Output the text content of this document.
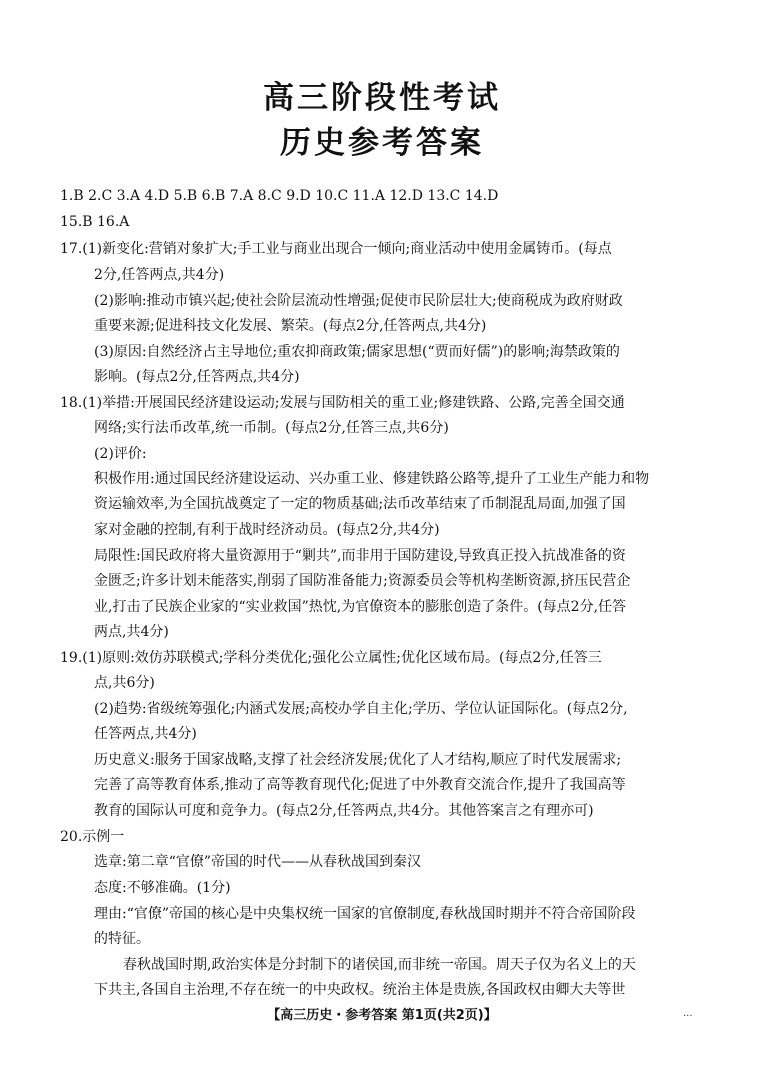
高三阶段性考试
历史参考答案
1.B 2.C 3.A 4.D 5.B 6.B 7.A 8.C 9.D 10.C 11.A 12.D 13.C 14.D
15.B 16.A
17.(1)新变化:营销对象扩大;手工业与商业出现合一倾向;商业活动中使用金属铸币。(每点
2分,任答两点,共4分)
(2)影响:推动市镇兴起;使社会阶层流动性增强;促使市民阶层壮大;使商税成为政府财政
重要来源;促进科技文化发展、繁荣。(每点2分,任答两点,共4分)
(3)原因:自然经济占主导地位;重农抑商政策;儒家思想(“贾而好儒”)的影响;海禁政策的
影响。(每点2分,任答两点,共4分)
18.(1)举措:开展国民经济建设运动;发展与国防相关的重工业;修建铁路、公路,完善全国交通
网络;实行法币改革,统一币制。(每点2分,任答三点,共6分)
(2)评价:
积极作用:通过国民经济建设运动、兴办重工业、修建铁路公路等,提升了工业生产能力和物
资运输效率,为全国抗战奠定了一定的物质基础;法币改革结束了币制混乱局面,加强了国
家对金融的控制,有利于战时经济动员。(每点2分,共4分)
局限性:国民政府将大量资源用于“剿共”,而非用于国防建设,导致真正投入抗战准备的资
金匮乏;许多计划未能落实,削弱了国防准备能力;资源委员会等机构垄断资源,挤压民营企
业,打击了民族企业家的“实业救国”热忱,为官僚资本的膨胀创造了条件。(每点2分,任答
两点,共4分)
19.(1)原则:效仿苏联模式;学科分类优化;强化公立属性;优化区域布局。(每点2分,任答三
点,共6分)
(2)趋势:省级统筹强化;内涵式发展;高校办学自主化;学历、学位认证国际化。(每点2分,
任答两点,共4分)
历史意义:服务于国家战略,支撑了社会经济发展;优化了人才结构,顺应了时代发展需求;
完善了高等教育体系,推动了高等教育现代化;促进了中外教育交流合作,提升了我国高等
教育的国际认可度和竞争力。(每点2分,任答两点,共4分。其他答案言之有理亦可)
20.示例一
选章:第二章“官僚”帝国的时代——从春秋战国到秦汉
态度:不够准确。(1分)
理由:“官僚”帝国的核心是中央集权统一国家的官僚制度,春秋战国时期并不符合帝国阶段
的特征。
春秋战国时期,政治实体是分封制下的诸侯国,而非统一帝国。周天子仅为名义上的天
下共主,各国自主治理,不存在统一的中央政权。统治主体是贵族,各国政权由卿大夫等世
【高三历史・参考答案 第1页(共2页)】	...
